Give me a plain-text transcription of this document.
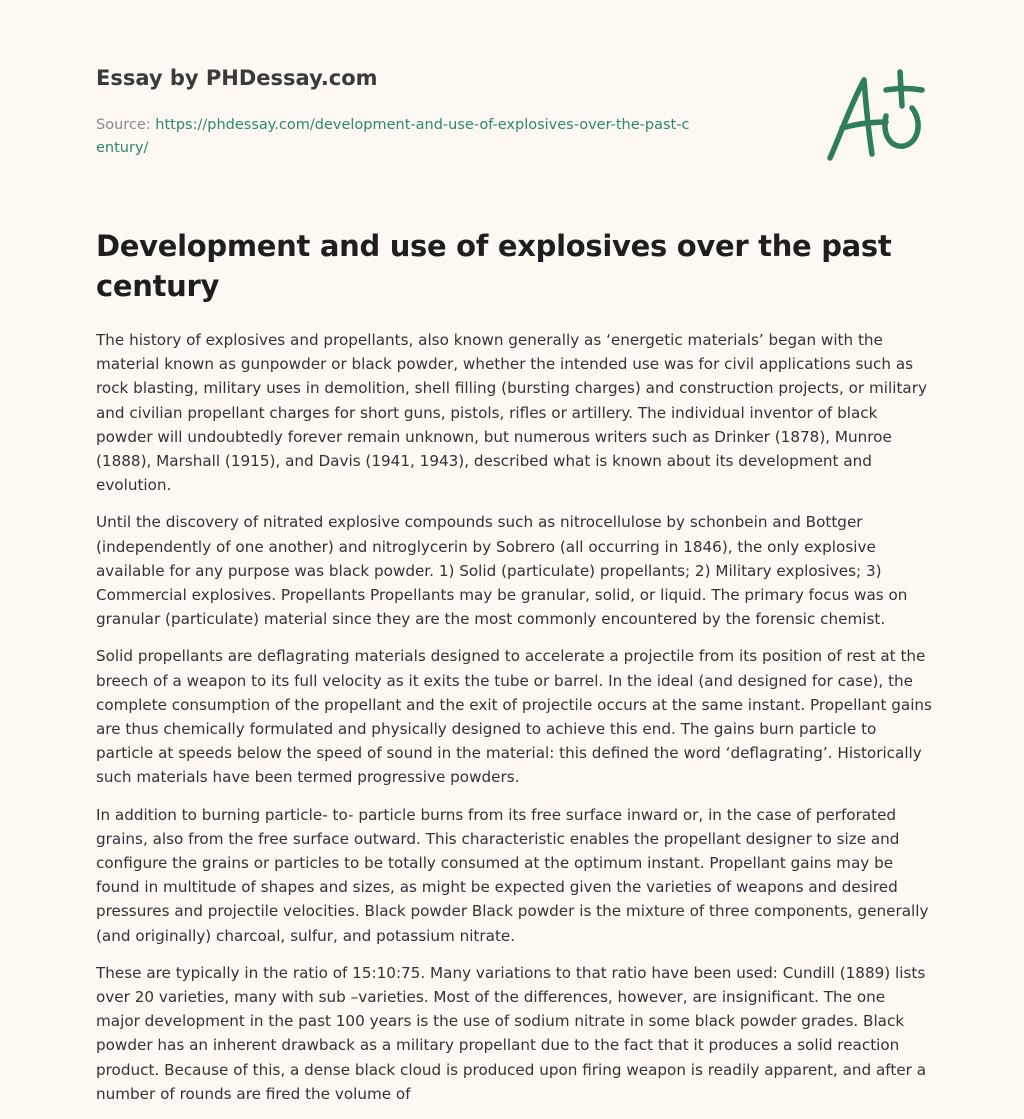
Essay by PHDessay.com
Source: https://phdessay.com/development-and-use-of-explosives-over-the-past-century/
Development and use of explosives over the past century

The history of explosives and propellants, also known generally as ‘energetic materials’ began with the material known as gunpowder or black powder, whether the intended use was for civil applications such as rock blasting, military uses in demolition, shell filling (bursting charges) and construction projects, or military and civilian propellant charges for short guns, pistols, rifles or artillery. The individual inventor of black powder will undoubtedly forever remain unknown, but numerous writers such as Drinker (1878), Munroe (1888), Marshall (1915), and Davis (1941, 1943), described what is known about its development and evolution.

Until the discovery of nitrated explosive compounds such as nitrocellulose by schonbein and Bottger (independently of one another) and nitroglycerin by Sobrero (all occurring in 1846), the only explosive available for any purpose was black powder. 1) Solid (particulate) propellants; 2) Military explosives; 3) Commercial explosives. Propellants Propellants may be granular, solid, or liquid. The primary focus was on granular (particulate) material since they are the most commonly encountered by the forensic chemist.

Solid propellants are deflagrating materials designed to accelerate a projectile from its position of rest at the breech of a weapon to its full velocity as it exits the tube or barrel. In the ideal (and designed for case), the complete consumption of the propellant and the exit of projectile occurs at the same instant. Propellant gains are thus chemically formulated and physically designed to achieve this end. The gains burn particle to particle at speeds below the speed of sound in the material: this defined the word ‘deflagrating’. Historically such materials have been termed progressive powders.

In addition to burning particle- to- particle burns from its free surface inward or, in the case of perforated grains, also from the free surface outward. This characteristic enables the propellant designer to size and configure the grains or particles to be totally consumed at the optimum instant. Propellant gains may be found in multitude of shapes and sizes, as might be expected given the varieties of weapons and desired pressures and projectile velocities. Black powder Black powder is the mixture of three components, generally (and originally) charcoal, sulfur, and potassium nitrate.

These are typically in the ratio of 15:10:75. Many variations to that ratio have been used: Cundill (1889) lists over 20 varieties, many with sub –varieties. Most of the differences, however, are insignificant. The one major development in the past 100 years is the use of sodium nitrate in some black powder grades. Black powder has an inherent drawback as a military propellant due to the fact that it produces a solid reaction product. Because of this, a dense black cloud is produced upon firing weapon is readily apparent, and after a number of rounds are fired the volume of
